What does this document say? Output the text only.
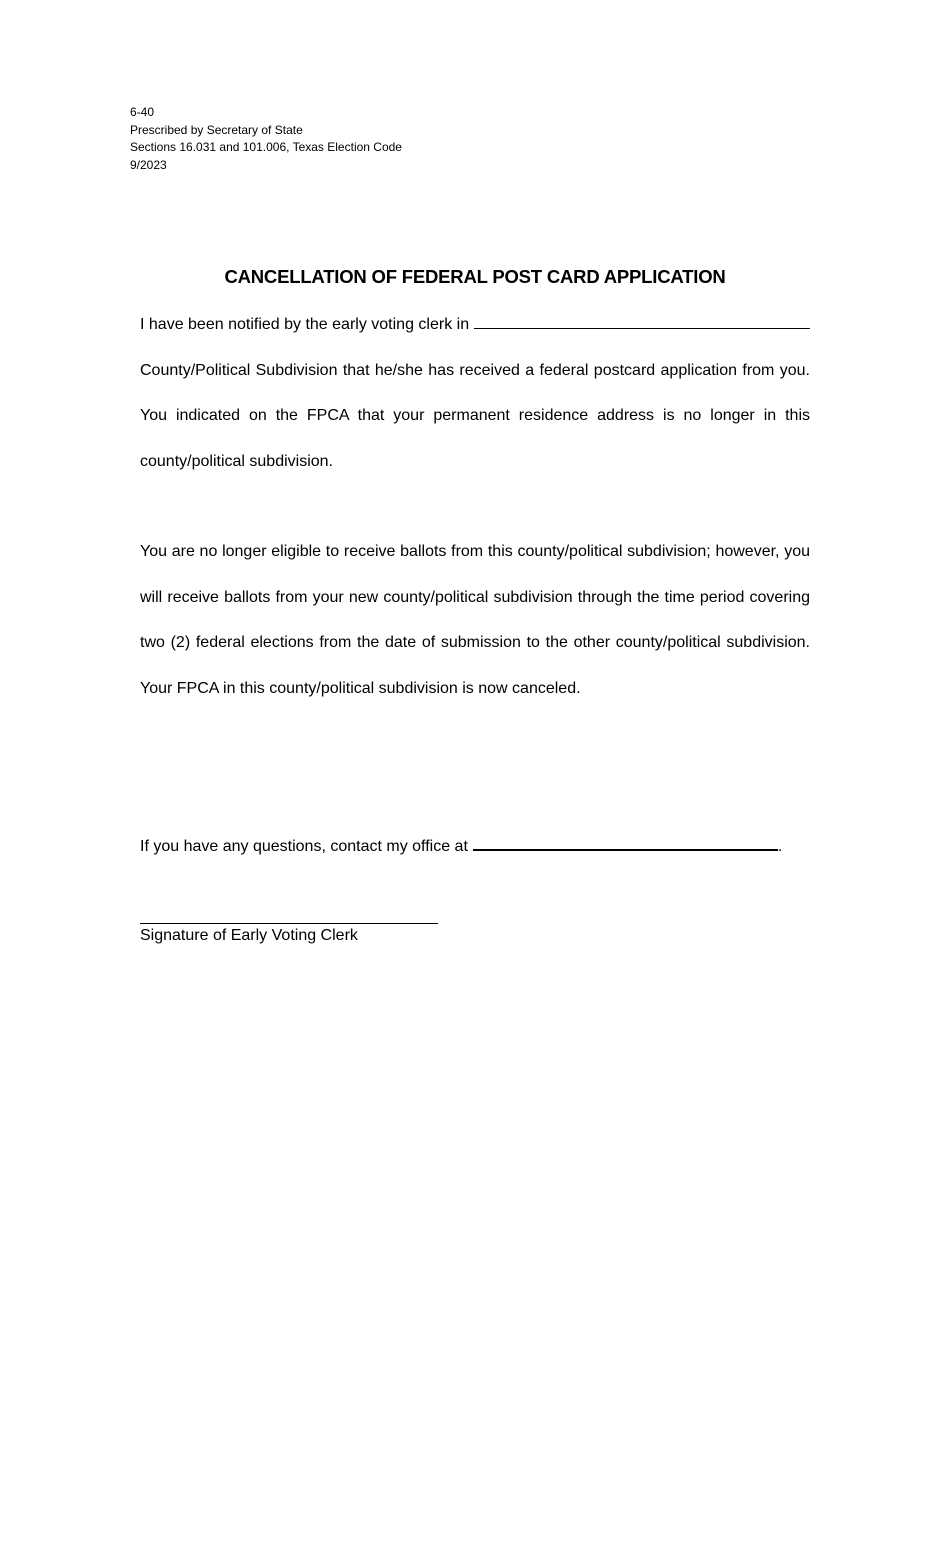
6-40
Prescribed by Secretary of State
Sections 16.031 and 101.006, Texas Election Code
9/2023
CANCELLATION OF FEDERAL POST CARD APPLICATION
I have been notified by the early voting clerk in
County/Political Subdivision that he/she has received a federal postcard application from you. You indicated on the FPCA that your permanent residence address is no longer in this county/political subdivision.
You are no longer eligible to receive ballots from this county/political subdivision; however, you will receive ballots from your new county/political subdivision through the time period covering two (2) federal elections from the date of submission to the other county/political subdivision. Your FPCA in this county/political subdivision is now canceled.
If you have any questions, contact my office at	.
Signature of Early Voting Clerk
